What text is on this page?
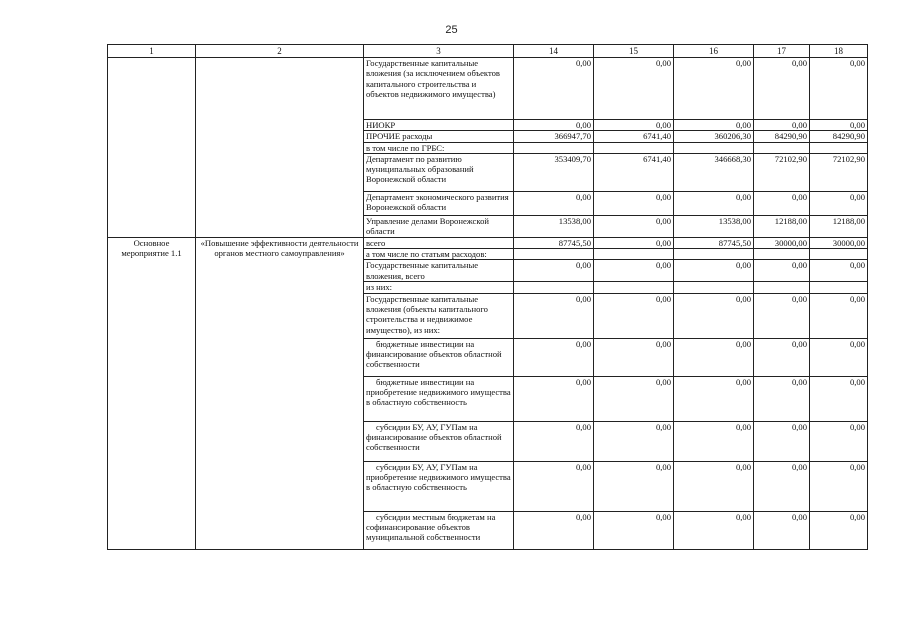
25
1	2	3	14	15	16	17	18
		Государственные капитальные вложения (за исключением объектов капитального строительства и объектов недвижимого имущества)	0,00	0,00	0,00	0,00	0,00
		НИОКР	0,00	0,00	0,00	0,00	0,00
		ПРОЧИЕ расходы	366947,70	6741,40	360206,30	84290,90	84290,90
		в том числе по ГРБС:					
		Департамент по развитию муниципальных образований Воронежской области	353409,70	6741,40	346668,30	72102,90	72102,90
		Департамент экономического развития Воронежской области	0,00	0,00	0,00	0,00	0,00
		Управление делами Воронежской области	13538,00	0,00	13538,00	12188,00	12188,00
Основное мероприятие 1.1	«Повышение эффективности деятельности органов местного самоуправления»	всего	87745,50	0,00	87745,50	30000,00	30000,00
		а том числе по статьям расходов:					
		Государственные капитальные вложения, всего	0,00	0,00	0,00	0,00	0,00
		из них:					
		Государственные капитальные вложения (объекты капитального строительства и недвижимое имущество), из них:	0,00	0,00	0,00	0,00	0,00
		бюджетные инвестиции на финансирование объектов областной собственности	0,00	0,00	0,00	0,00	0,00
		бюджетные инвестиции на приобретение недвижимого имущества в областную собственность	0,00	0,00	0,00	0,00	0,00
		субсидии БУ, АУ, ГУПам на финансирование объектов областной собственности	0,00	0,00	0,00	0,00	0,00
		субсидии БУ, АУ, ГУПам на приобретение недвижимого имущества в областную собственность	0,00	0,00	0,00	0,00	0,00
		субсидии местным бюджетам на софинансирование объектов муниципальной собственности	0,00	0,00	0,00	0,00	0,00
